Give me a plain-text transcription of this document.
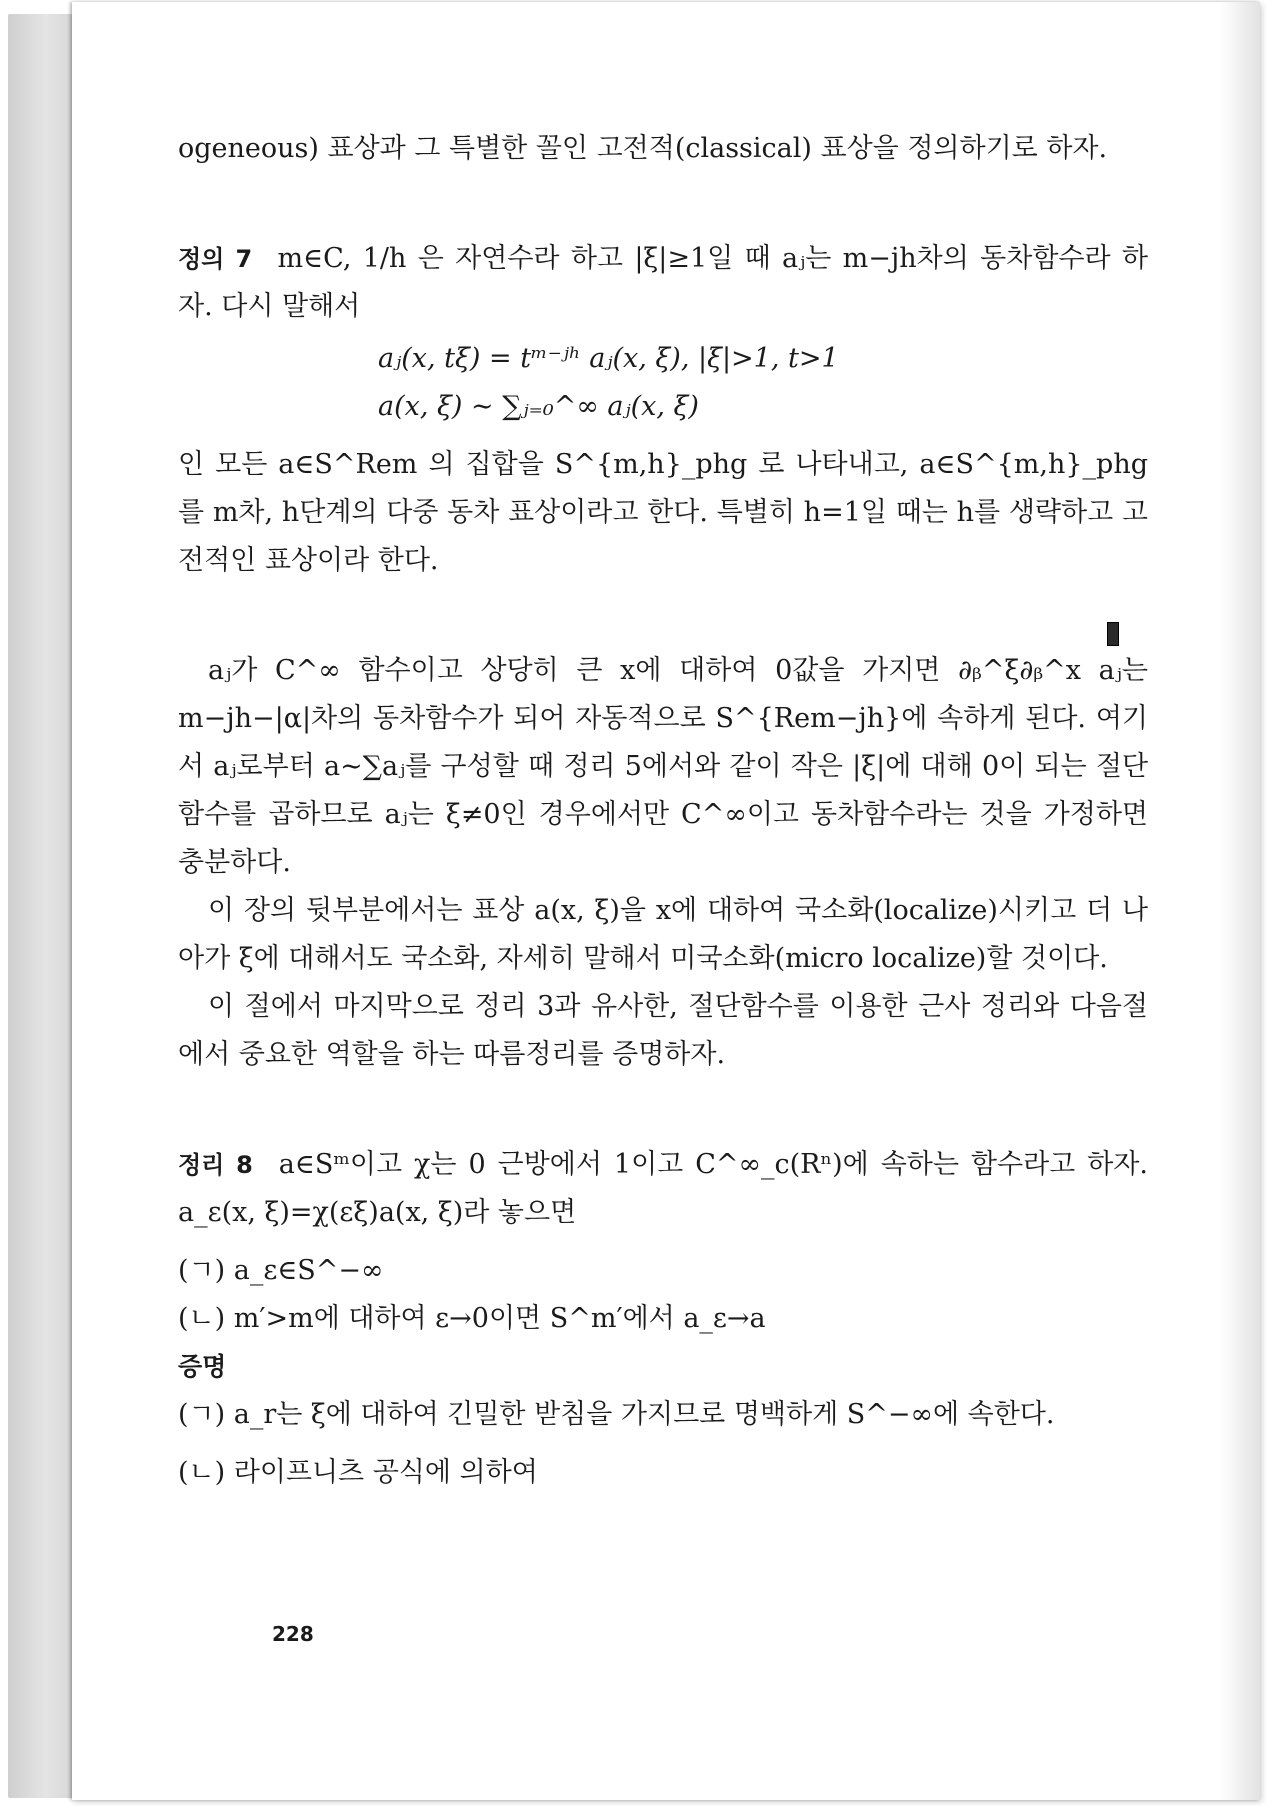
ogeneous) 표상과 그 특별한 꼴인 고전적(classical) 표상을 정의하기로 하자.

정의 7 m∈C, 1/h 은 자연수라 하고 |ξ|≥1일 때 aⱼ는 m−jh차의 동차함수라 하자. 다시 말해서

aⱼ(x, tξ) = tᵐ⁻ʲʰ aⱼ(x, ξ), |ξ|>1, t>1

a(x, ξ) ∼ ∑ⱼ₌₀^∞ aⱼ(x, ξ)

인 모든 a∈S^Rem 의 집합을 S^{m,h}_phg 로 나타내고, a∈S^{m,h}_phg 를 m차, h단계의 다중 동차 표상이라고 한다. 특별히 h=1일 때는 h를 생략하고 고전적인 표상이라 한다.

aⱼ가 C^∞ 함수이고 상당히 큰 x에 대하여 0값을 가지면 ∂ᵦ^ξ∂ᵦ^x aⱼ는 m−jh−|α|차의 동차함수가 되어 자동적으로 S^{Rem−jh}에 속하게 된다. 여기서 aⱼ로부터 a∼∑aⱼ를 구성할 때 정리 5에서와 같이 작은 |ξ|에 대해 0이 되는 절단함수를 곱하므로 aⱼ는 ξ≠0인 경우에서만 C^∞이고 동차함수라는 것을 가정하면 충분하다.

이 장의 뒷부분에서는 표상 a(x, ξ)을 x에 대하여 국소화(localize)시키고 더 나아가 ξ에 대해서도 국소화, 자세히 말해서 미국소화(micro localize)할 것이다.

이 절에서 마지막으로 정리 3과 유사한, 절단함수를 이용한 근사 정리와 다음절에서 중요한 역할을 하는 따름정리를 증명하자.

정리 8 a∈Sᵐ이고 χ는 0 근방에서 1이고 C^∞_c(Rⁿ)에 속하는 함수라고 하자. a_ε(x, ξ)=χ(εξ)a(x, ξ)라 놓으면

(ㄱ) a_ε∈S^−∞

(ㄴ) m′>m에 대하여 ε→0이면 S^m′에서 a_ε→a

증명

(ㄱ) a_r는 ξ에 대하여 긴밀한 받침을 가지므로 명백하게 S^−∞에 속한다.

(ㄴ) 라이프니츠 공식에 의하여

228
